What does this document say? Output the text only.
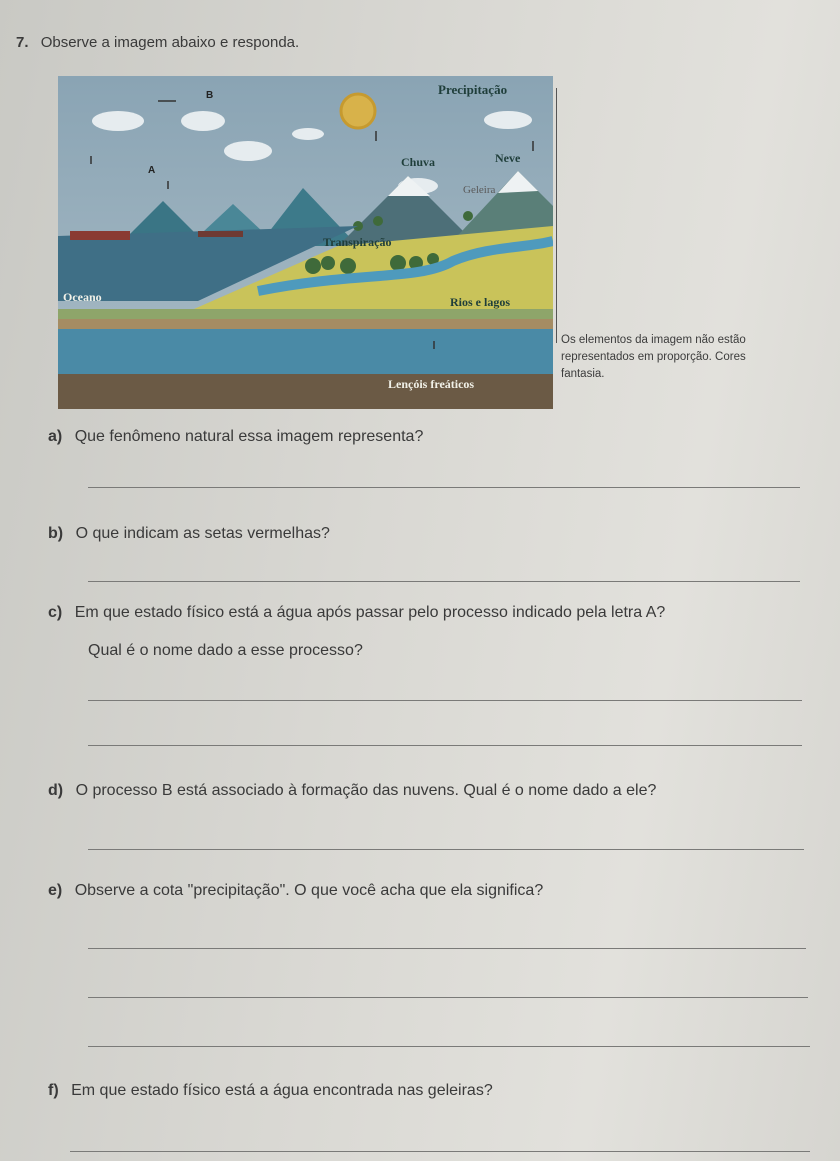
7. Observe a imagem abaixo e responda.
B
A
Precipitação
Chuva	Neve
Geleira
Transpiração
Oceano	Rios e lagos
Lençóis freáticos
Os elementos da imagem não estão representados em proporção. Cores fantasia.
a) Que fenômeno natural essa imagem representa?
b) O que indicam as setas vermelhas?
c) Em que estado físico está a água após passar pelo processo indicado pela letra A?
Qual é o nome dado a esse processo?
d) O processo B está associado à formação das nuvens. Qual é o nome dado a ele?
e) Observe a cota "precipitação". O que você acha que ela significa?
f) Em que estado físico está a água encontrada nas geleiras?
